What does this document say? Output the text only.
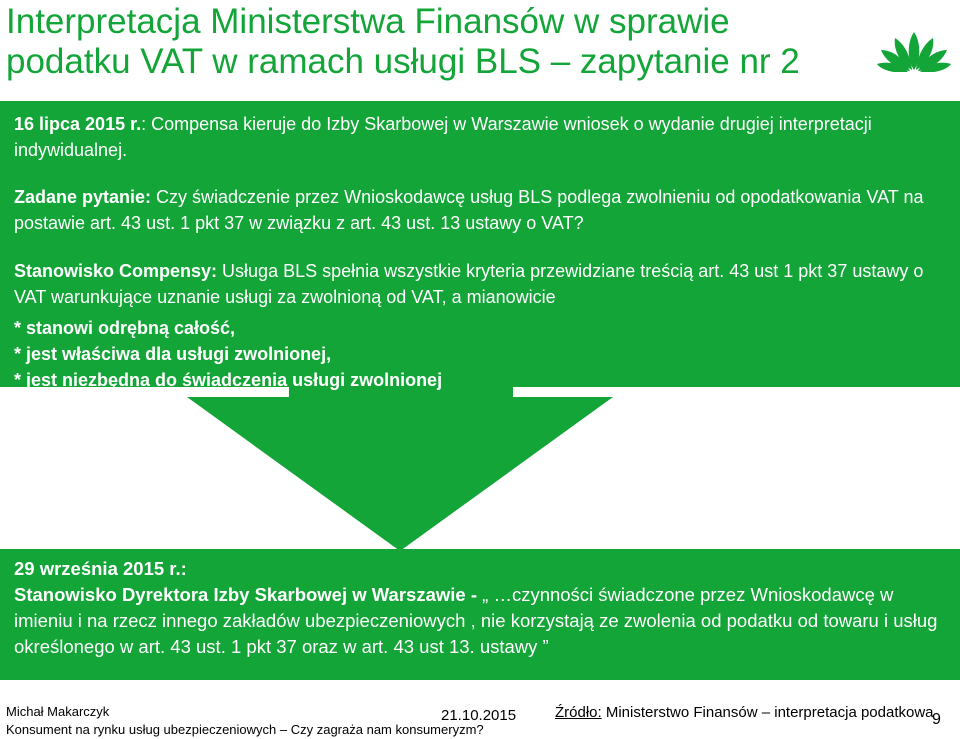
Interpretacja Ministerstwa Finansów w sprawie podatku VAT w ramach usługi BLS – zapytanie nr 2
16 lipca 2015 r.: Compensa kieruje do Izby Skarbowej w Warszawie wniosek o wydanie drugiej interpretacji indywidualnej.
Zadane pytanie: Czy świadczenie przez Wnioskodawcę usług BLS podlega zwolnieniu od opodatkowania VAT na postawie art. 43 ust. 1 pkt 37 w związku z art. 43 ust. 13 ustawy o VAT?
Stanowisko Compensy: Usługa BLS spełnia wszystkie kryteria przewidziane treścią art. 43 ust 1 pkt 37 ustawy o VAT warunkujące uznanie usługi za zwolnioną od VAT, a mianowicie
* stanowi odrębną całość,
* jest właściwa dla usługi zwolnionej,
* jest niezbędna do świadczenia usługi zwolnionej
29 września 2015 r.:
Stanowisko Dyrektora Izby Skarbowej w Warszawie - „ …czynności świadczone przez Wnioskodawcę w imieniu i na rzecz innego zakładów ubezpieczeniowych , nie korzystają ze zwolenia od podatku od towaru i usług określonego w art. 43 ust. 1 pkt 37 oraz w art. 43 ust 13. ustawy ”
Michał Makarczyk
Konsument na rynku usług ubezpieczeniowych – Czy zagraża nam konsumeryzm?
21.10.2015	Źródło: Ministerstwo Finansów – interpretacja podatkowa
9
